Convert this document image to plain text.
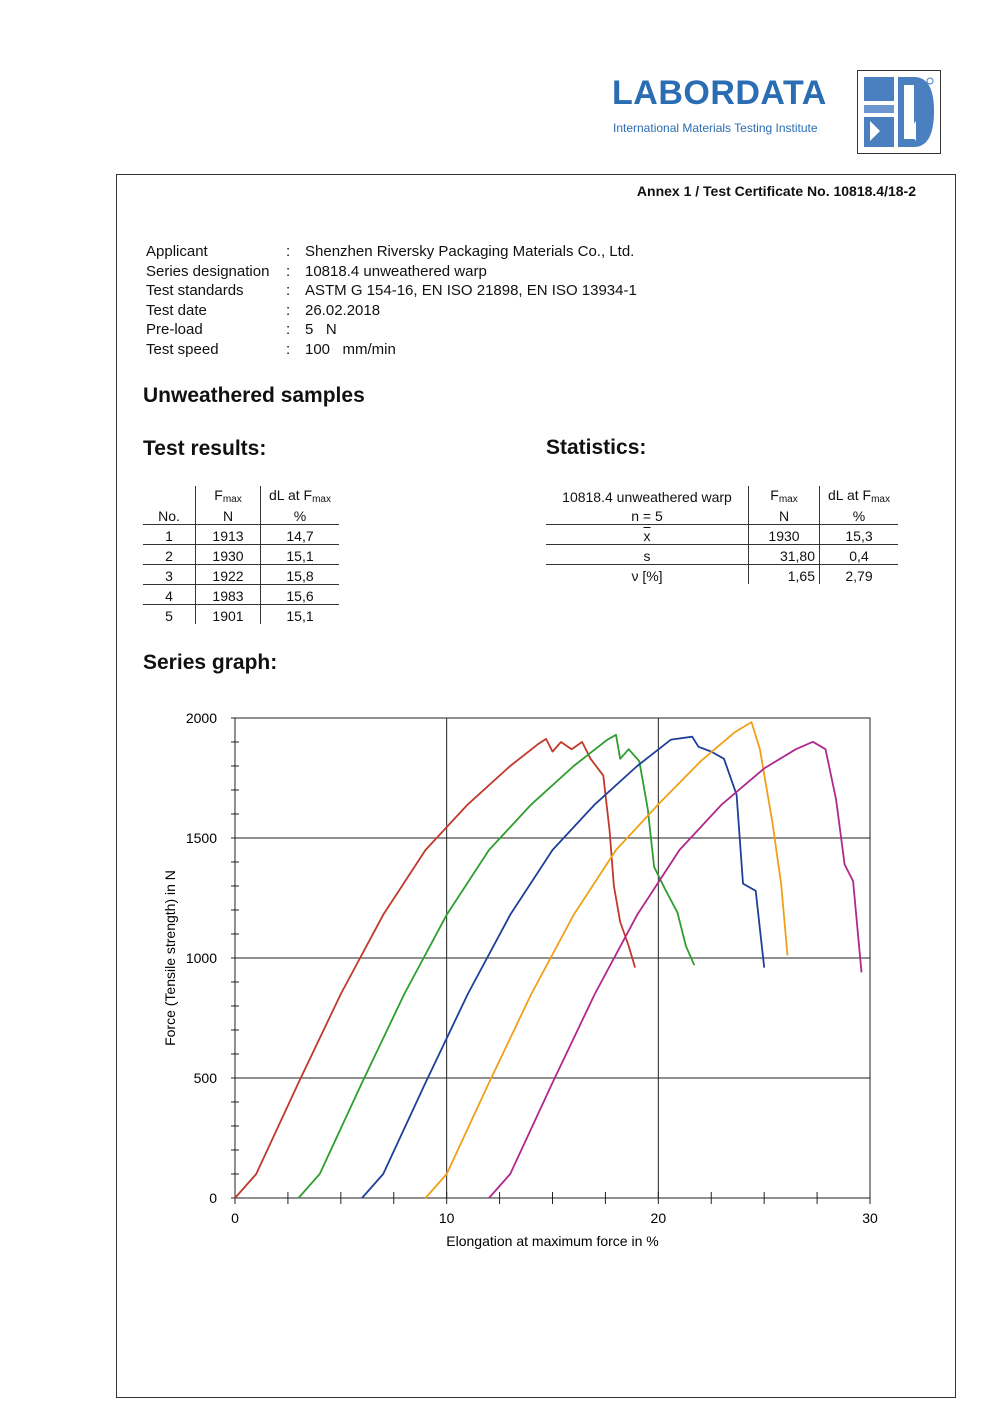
LABORDATA
International Materials Testing Institute
Annex 1 / Test Certificate No. 10818.4/18-2
Applicant	: Shenzhen Riversky Packaging Materials Co., Ltd.
Series designation	: 10818.4 unweathered warp
Test standards	: ASTM G 154-16, EN ISO 21898, EN ISO 13934-1
Test date	: 26.02.2018
Pre-load	: 5   N
Test speed	: 100   mm/min
Unweathered samples
Test results:	Statistics:
	$F_{max}$	dL at $F_{max}$
No.	N	%
1	1913	14,7
2	1930	15,1
3	1922	15,8
4	1983	15,6
5	1901	15,1
10818.4 unweathered warp	$F_{max}$	dL at $F_{max}$
n = 5	N	%
$\overline{x}$	1930	15,3
s	31,80	0,4
ν [%]	1,65	2,79
Series graph:
0	10	20	30
0
500
1000
1500
2000
Elongation at maximum force in %
Force (Tensile strength) in N
